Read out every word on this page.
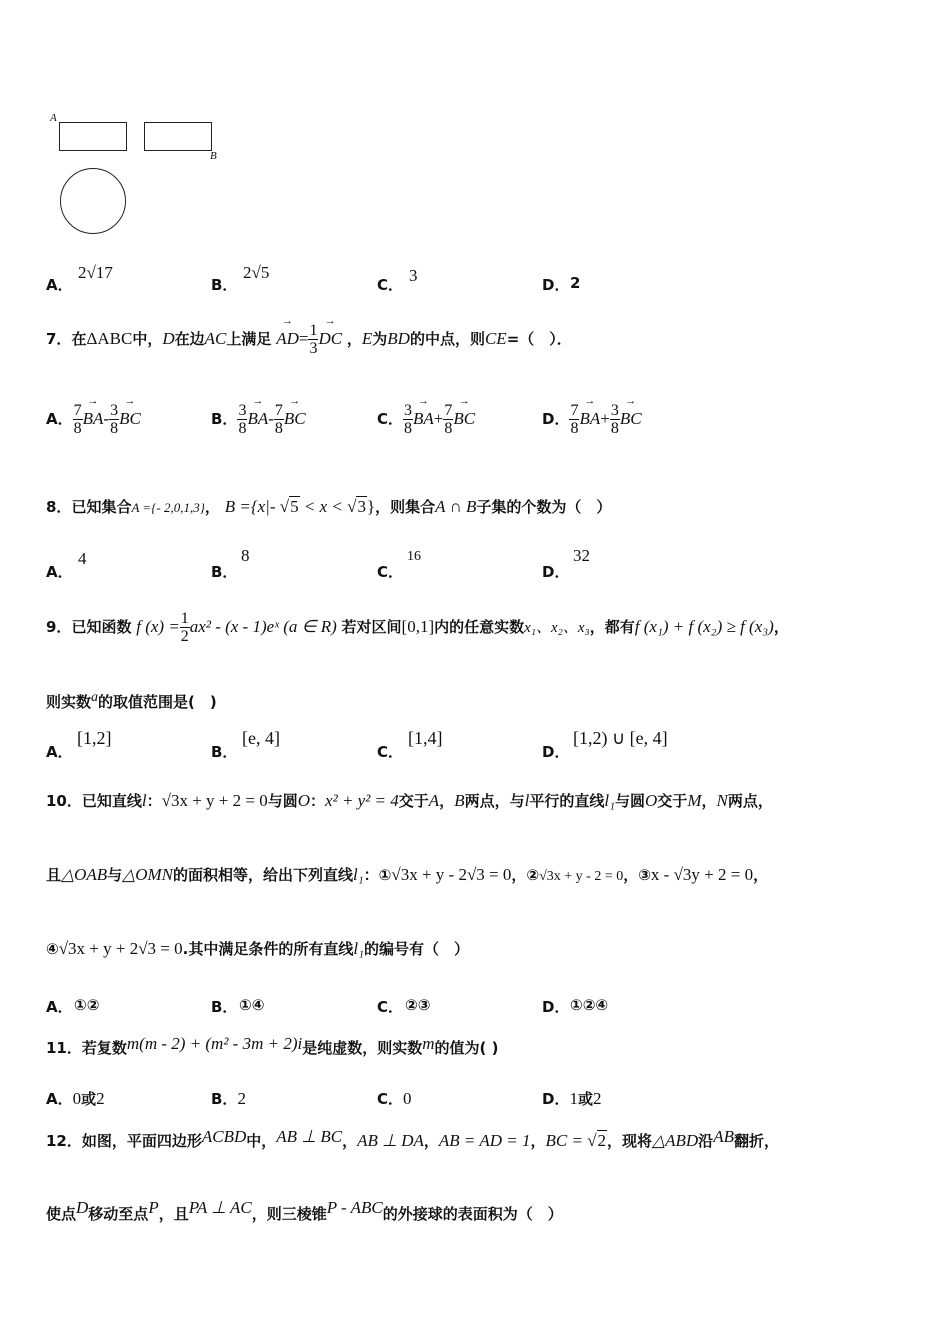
A
B
A．
2√17
B．
2√5
C． 3	D． 2
7．在ΔABC中，D在边AC上满足 → $AD= \frac{1}{3}$
→ DC ，E为BD的中点，则CE=（　）．
A． $\frac{7}{8}$
→ $BA- \frac{3}{8}$
→ BC	B． $\frac{3}{8}$
→ $BA- \frac{7}{8}$
→ BC	C． $\frac{3}{8}$
→ $BA+ \frac{7}{8}$
→ BC	D． $\frac{7}{8}$
→ $BA+ \frac{3}{8}$
→ BC
8．已知集合A ={- 2,0,1,3}， B ={x|- √5 < x < √3}，则集合A ∩ B子集的个数为（　）
A．
4
B．
8
C．
16
D．
32
9．已知函数 f $(x) = \frac{1}{2} ax^2 - (x$ - 1)eˣ (a ∈ R) 若对区间[0,1]内的任意实数x₁、x₂、x₃，都有f (x₁) + f (x₂) ≥ f (x₃)，
则实数a的取值范围是(　)
A．
[1,2]
B．
[e, 4]
C．
[1,4]
D．
[1,2) ∪ [e, 4]
10．已知直线l：√3x + y + 2 = 0与圆O：x² + y² = 4交于A，B两点，与l平行的直线l₁与圆O交于M，N两点，
且△OAB与△OMN的面积相等，给出下列直线l₁：①√3x + y - 2√3 = 0，②√3x + y - 2 = 0，③x - √3y + 2 = 0，
④√3x + y + 2√3 = 0.其中满足条件的所有直线l₁的编号有（　）
A． ①②	B． ①④	C． ②③	D． ①②④
11．若复数m(m - 2) + (m² - 3m + 2)i是纯虚数，则实数m的值为( )
A．0或2	B．2	C．0	D．1或2
12．如图，平面四边形ACBD中，AB ⊥ BC，AB ⊥ DA，AB = AD = 1，BC = √2，现将△ABD沿AB翻折，
使点D移动至点P，且PA ⊥ AC，则三棱锥P - ABC的外接球的表面积为（　）
